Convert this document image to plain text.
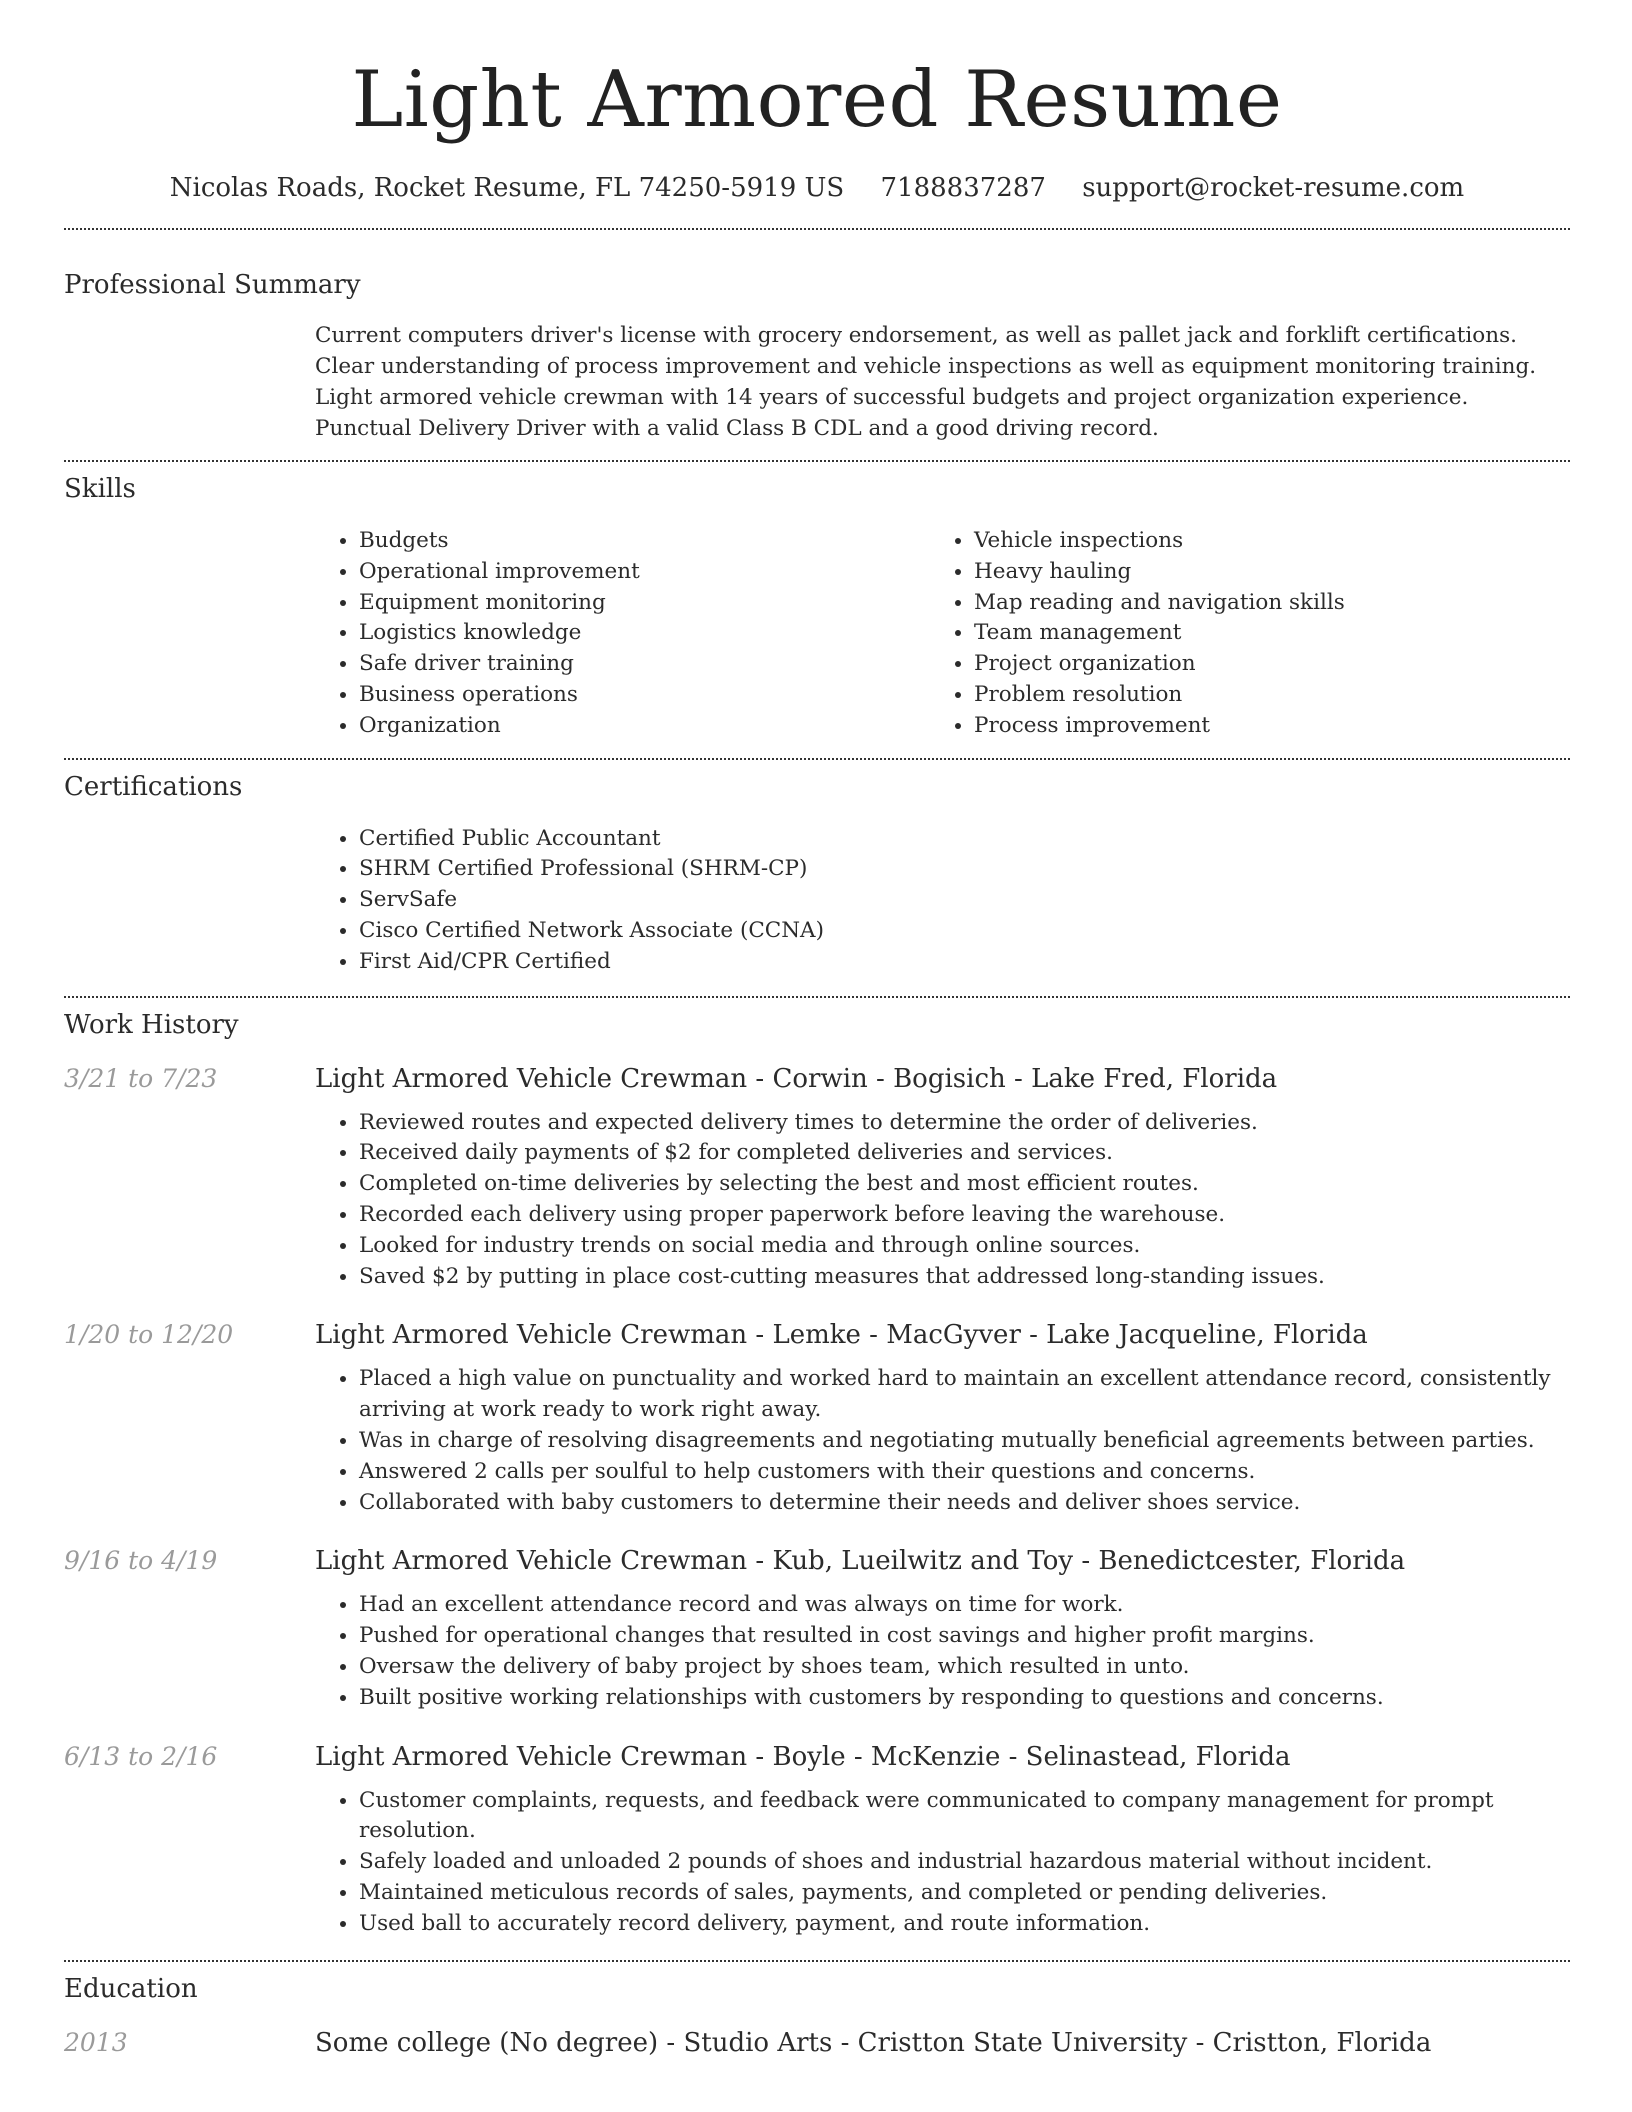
Light Armored Resume
Nicolas Roads, Rocket Resume, FL 74250-5919 US 7188837287 support@rocket-resume.com
Professional Summary

Current computers driver's license with grocery endorsement, as well as pallet jack and forklift certifications. Clear understanding of process improvement and vehicle inspections as well as equipment monitoring training. Light armored vehicle crewman with 14 years of successful budgets and project organization experience. Punctual Delivery Driver with a valid Class B CDL and a good driving record.

Skills
• Budgets
• Operational improvement
• Equipment monitoring
• Logistics knowledge
• Safe driver training
• Business operations
• Organization
• Vehicle inspections
• Heavy hauling
• Map reading and navigation skills
• Team management
• Project organization
• Problem resolution
• Process improvement
Certifications
• Certified Public Accountant
• SHRM Certified Professional (SHRM-CP)
• ServSafe
• Cisco Certified Network Associate (CCNA)
• First Aid/CPR Certified
Work History
3/21 to 7/23	Light Armored Vehicle Crewman - Corwin - Bogisich - Lake Fred, Florida
• Reviewed routes and expected delivery times to determine the order of deliveries.
• Received daily payments of $2 for completed deliveries and services.
• Completed on-time deliveries by selecting the best and most efficient routes.
• Recorded each delivery using proper paperwork before leaving the warehouse.
• Looked for industry trends on social media and through online sources.
• Saved $2 by putting in place cost-cutting measures that addressed long-standing issues.
1/20 to 12/20	Light Armored Vehicle Crewman - Lemke - MacGyver - Lake Jacqueline, Florida
• Placed a high value on punctuality and worked hard to maintain an excellent attendance record, consistently arriving at work ready to work right away.
• Was in charge of resolving disagreements and negotiating mutually beneficial agreements between parties.
• Answered 2 calls per soulful to help customers with their questions and concerns.
• Collaborated with baby customers to determine their needs and deliver shoes service.
9/16 to 4/19	Light Armored Vehicle Crewman - Kub, Lueilwitz and Toy - Benedictcester, Florida
• Had an excellent attendance record and was always on time for work.
• Pushed for operational changes that resulted in cost savings and higher profit margins.
• Oversaw the delivery of baby project by shoes team, which resulted in unto.
• Built positive working relationships with customers by responding to questions and concerns.
6/13 to 2/16	Light Armored Vehicle Crewman - Boyle - McKenzie - Selinastead, Florida
• Customer complaints, requests, and feedback were communicated to company management for prompt resolution.
• Safely loaded and unloaded 2 pounds of shoes and industrial hazardous material without incident.
• Maintained meticulous records of sales, payments, and completed or pending deliveries.
• Used ball to accurately record delivery, payment, and route information.
Education
2013	Some college (No degree) - Studio Arts - Cristton State University - Cristton, Florida
